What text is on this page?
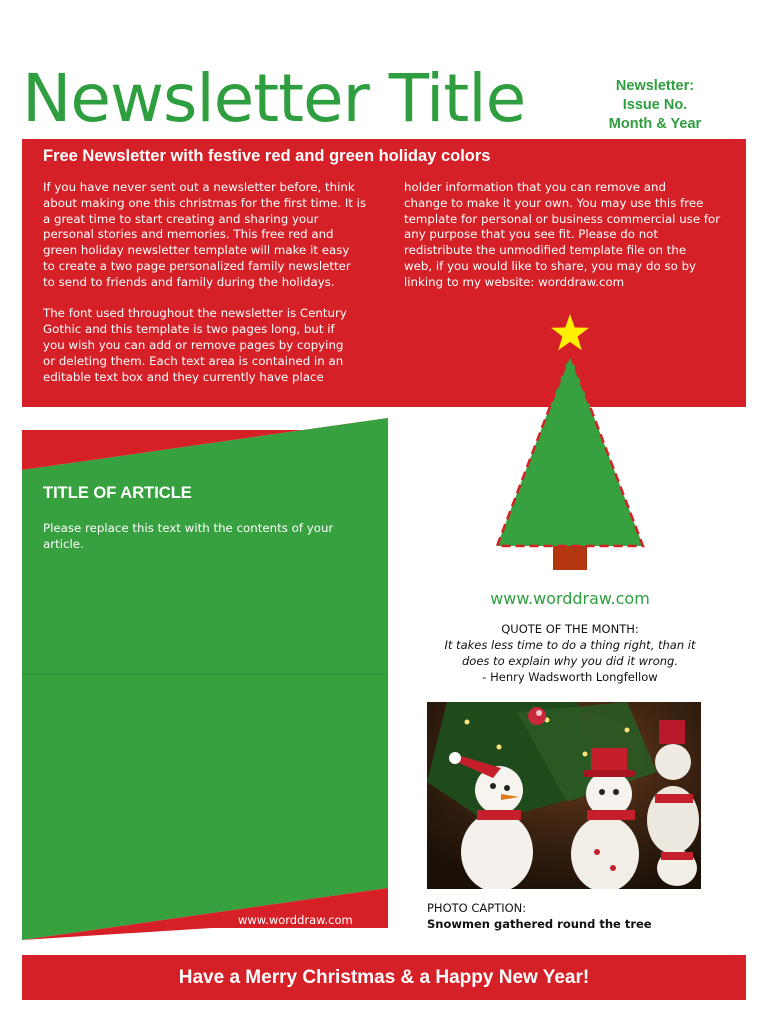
Newsletter Title	Newsletter:
Issue No.
Month & Year
Free Newsletter with festive red and green holiday colors
If you have never sent out a newsletter before, think
about making one this christmas for the first time. It is
a great time to start creating and sharing your
personal stories and memories. This free red and
green holiday newsletter template will make it easy
to create a two page personalized family newsletter
to send to friends and family during the holidays.

The font used throughout the newsletter is Century
Gothic and this template is two pages long, but if
you wish you can add or remove pages by copying
or deleting them. Each text area is contained in an
editable text box and they currently have place
holder information that you can remove and
change to make it your own. You may use this free
template for personal or business commercial use for
any purpose that you see fit. Please do not
redistribute the unmodified template file on the
web, if you would like to share, you may do so by
linking to my website: worddraw.com
TITLE OF ARTICLE
Please replace this text with the contents of your article.
www.worddraw.com
www.worddraw.com
QUOTE OF THE MONTH:
It takes less time to do a thing right, than it
does to explain why you did it wrong.
- Henry Wadsworth Longfellow
PHOTO CAPTION:
Snowmen gathered round the tree
Have a Merry Christmas & a Happy New Year!
